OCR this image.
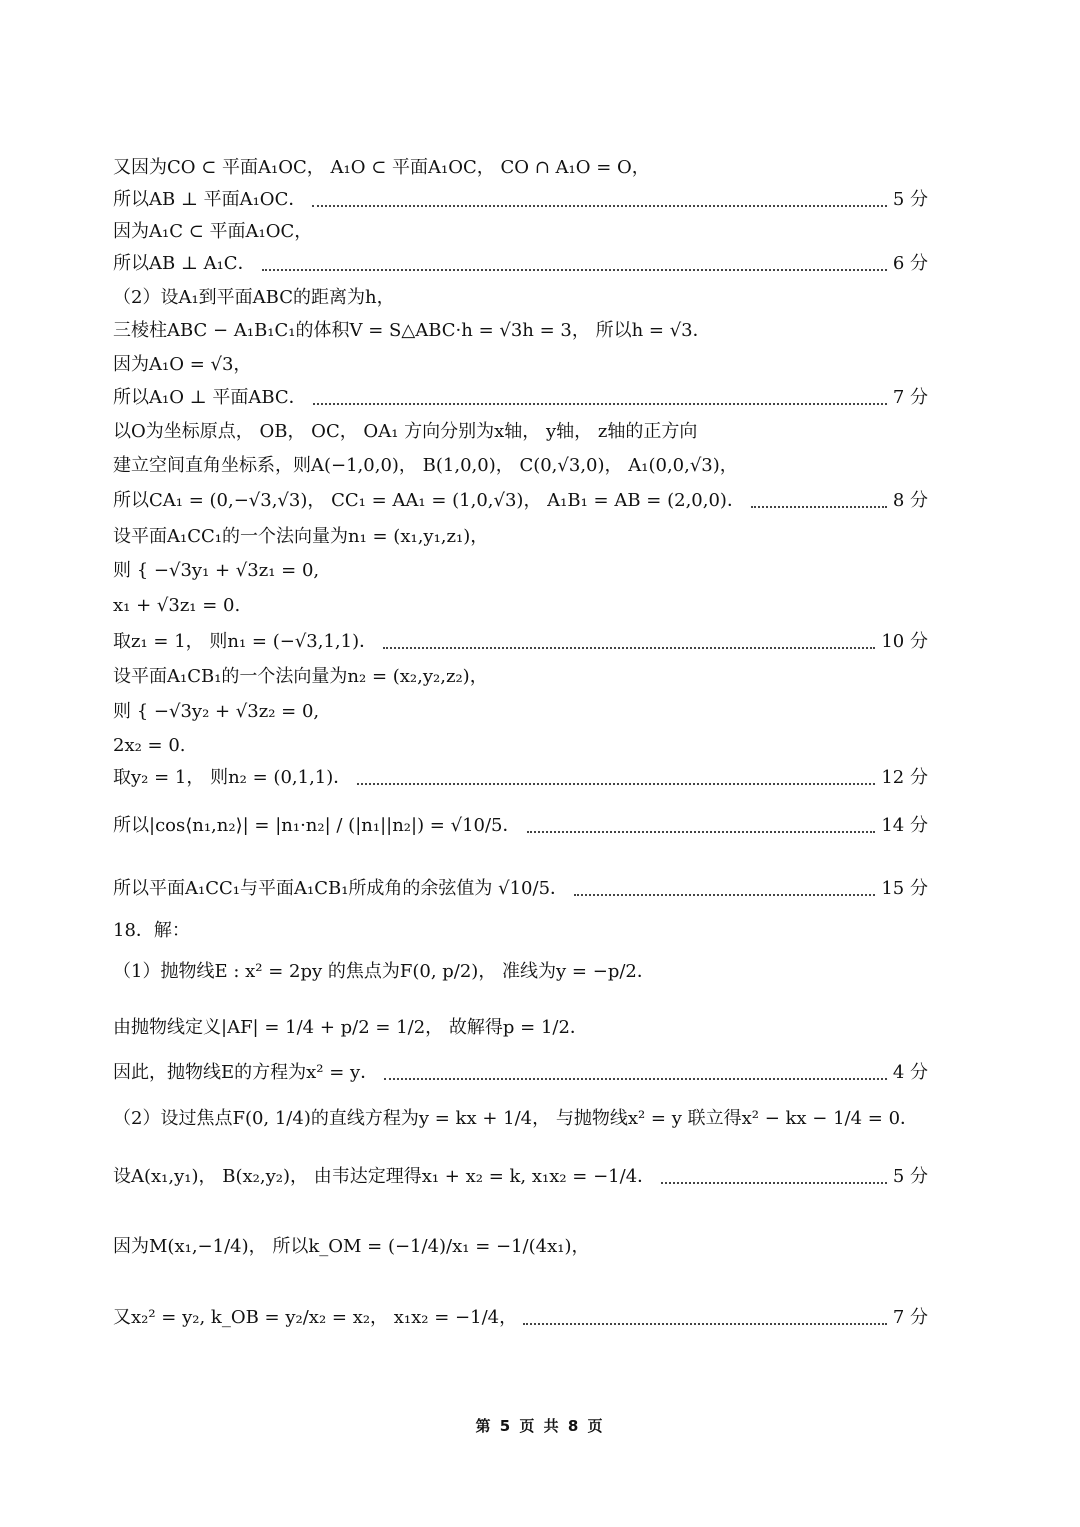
又因为CO ⊂ 平面A₁OC， A₁O ⊂ 平面A₁OC， CO ∩ A₁O = O，
所以AB ⊥ 平面A₁OC．	5 分
因为A₁C ⊂ 平面A₁OC，
所以AB ⊥ A₁C．	6 分
（2）设A₁到平面ABC的距离为h，
三棱柱ABC − A₁B₁C₁的体积V = S△ABC·h = √3h = 3， 所以h = √3．
因为A₁O = √3，
所以A₁O ⊥ 平面ABC．	7 分
以O为坐标原点， OB， OC， OA₁ 方向分别为x轴， y轴， z轴的正方向
建立空间直角坐标系，则A(−1,0,0)， B(1,0,0)， C(0,√3,0)， A₁(0,0,√3)，
所以CA₁ = (0,−√3,√3)， CC₁ = AA₁ = (1,0,√3)， A₁B₁ = AB = (2,0,0)．	8 分
设平面A₁CC₁的一个法向量为n₁ = (x₁,y₁,z₁)，
则 { −√3y₁ + √3z₁ = 0,
x₁ + √3z₁ = 0.
取z₁ = 1， 则n₁ = (−√3,1,1)．	10 分
设平面A₁CB₁的一个法向量为n₂ = (x₂,y₂,z₂)，
则 { −√3y₂ + √3z₂ = 0,
2x₂ = 0.
取y₂ = 1， 则n₂ = (0,1,1)．	12 分
所以|cos⟨n₁,n₂⟩| = |n₁·n₂| / (|n₁||n₂|) = √10/5．	14 分
所以平面A₁CC₁与平面A₁CB₁所成角的余弦值为 √10/5．	15 分
18．解：
（1）抛物线E : x² = 2py 的焦点为F(0, p/2)， 准线为y = −p/2．
由抛物线定义|AF| = 1/4 + p/2 = 1/2， 故解得p = 1/2．
因此，抛物线E的方程为x² = y．	4 分
（2）设过焦点F(0, 1/4)的直线方程为y = kx + 1/4， 与抛物线x² = y 联立得x² − kx − 1/4 = 0．
设A(x₁,y₁)， B(x₂,y₂)， 由韦达定理得x₁ + x₂ = k, x₁x₂ = −1/4．	5 分
因为M(x₁,−1/4)， 所以k_OM = (−1/4)/x₁ = −1/(4x₁)，
又x₂² = y₂, k_OB = y₂/x₂ = x₂， x₁x₂ = −1/4，	7 分
第 5 页 共 8 页
